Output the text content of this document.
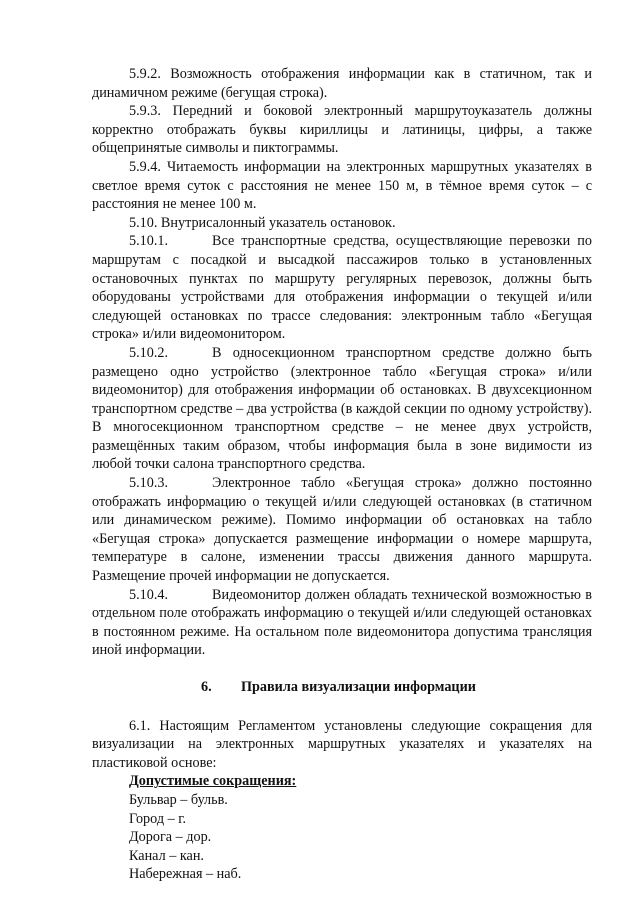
5.9.2. Возможность отображения информации как в статичном, так и динамичном режиме (бегущая строка).

5.9.3. Передний и боковой электронный маршрутоуказатель должны корректно отображать буквы кириллицы и латиницы, цифры, а также общепринятые символы и пиктограммы.

5.9.4. Читаемость информации на электронных маршрутных указателях в светлое время суток с расстояния не менее 150 м, в тёмное время суток – с расстояния не менее 100 м.

5.10. Внутрисалонный указатель остановок.

5.10.1.	Все транспортные средства, осуществляющие перевозки по маршрутам с посадкой и высадкой пассажиров только в установленных остановочных пунктах по маршруту регулярных перевозок, должны быть оборудованы устройствами для отображения информации о текущей и/или следующей остановках по трассе следования: электронным табло «Бегущая строка» и/или видеомонитором.

5.10.2.	В односекционном транспортном средстве должно быть размещено одно устройство (электронное табло «Бегущая строка» и/или видеомонитор) для отображения информации об остановках. В двухсекционном транспортном средстве – два устройства (в каждой секции по одному устройству). В многосекционном транспортном средстве – не менее двух устройств, размещённых таким образом, чтобы информация была в зоне видимости из любой точки салона транспортного средства.

5.10.3.	Электронное табло «Бегущая строка» должно постоянно отображать информацию о текущей и/или следующей остановках (в статичном или динамическом режиме). Помимо информации об остановках на табло «Бегущая строка» допускается размещение информации о номере маршрута, температуре в салоне, изменении трассы движения данного маршрута. Размещение прочей информации не допускается.

5.10.4.	Видеомонитор должен обладать технической возможностью в отдельном поле отображать информацию о текущей и/или следующей остановках в постоянном режиме. На остальном поле видеомонитора допустима трансляция иной информации.

6. Правила визуализации информации

6.1. Настоящим Регламентом установлены следующие сокращения для визуализации на электронных маршрутных указателях и указателях на пластиковой основе:

Допустимые сокращения:

Бульвар – бульв.

Город – г.

Дорога – дор.

Канал – кан.

Набережная – наб.
